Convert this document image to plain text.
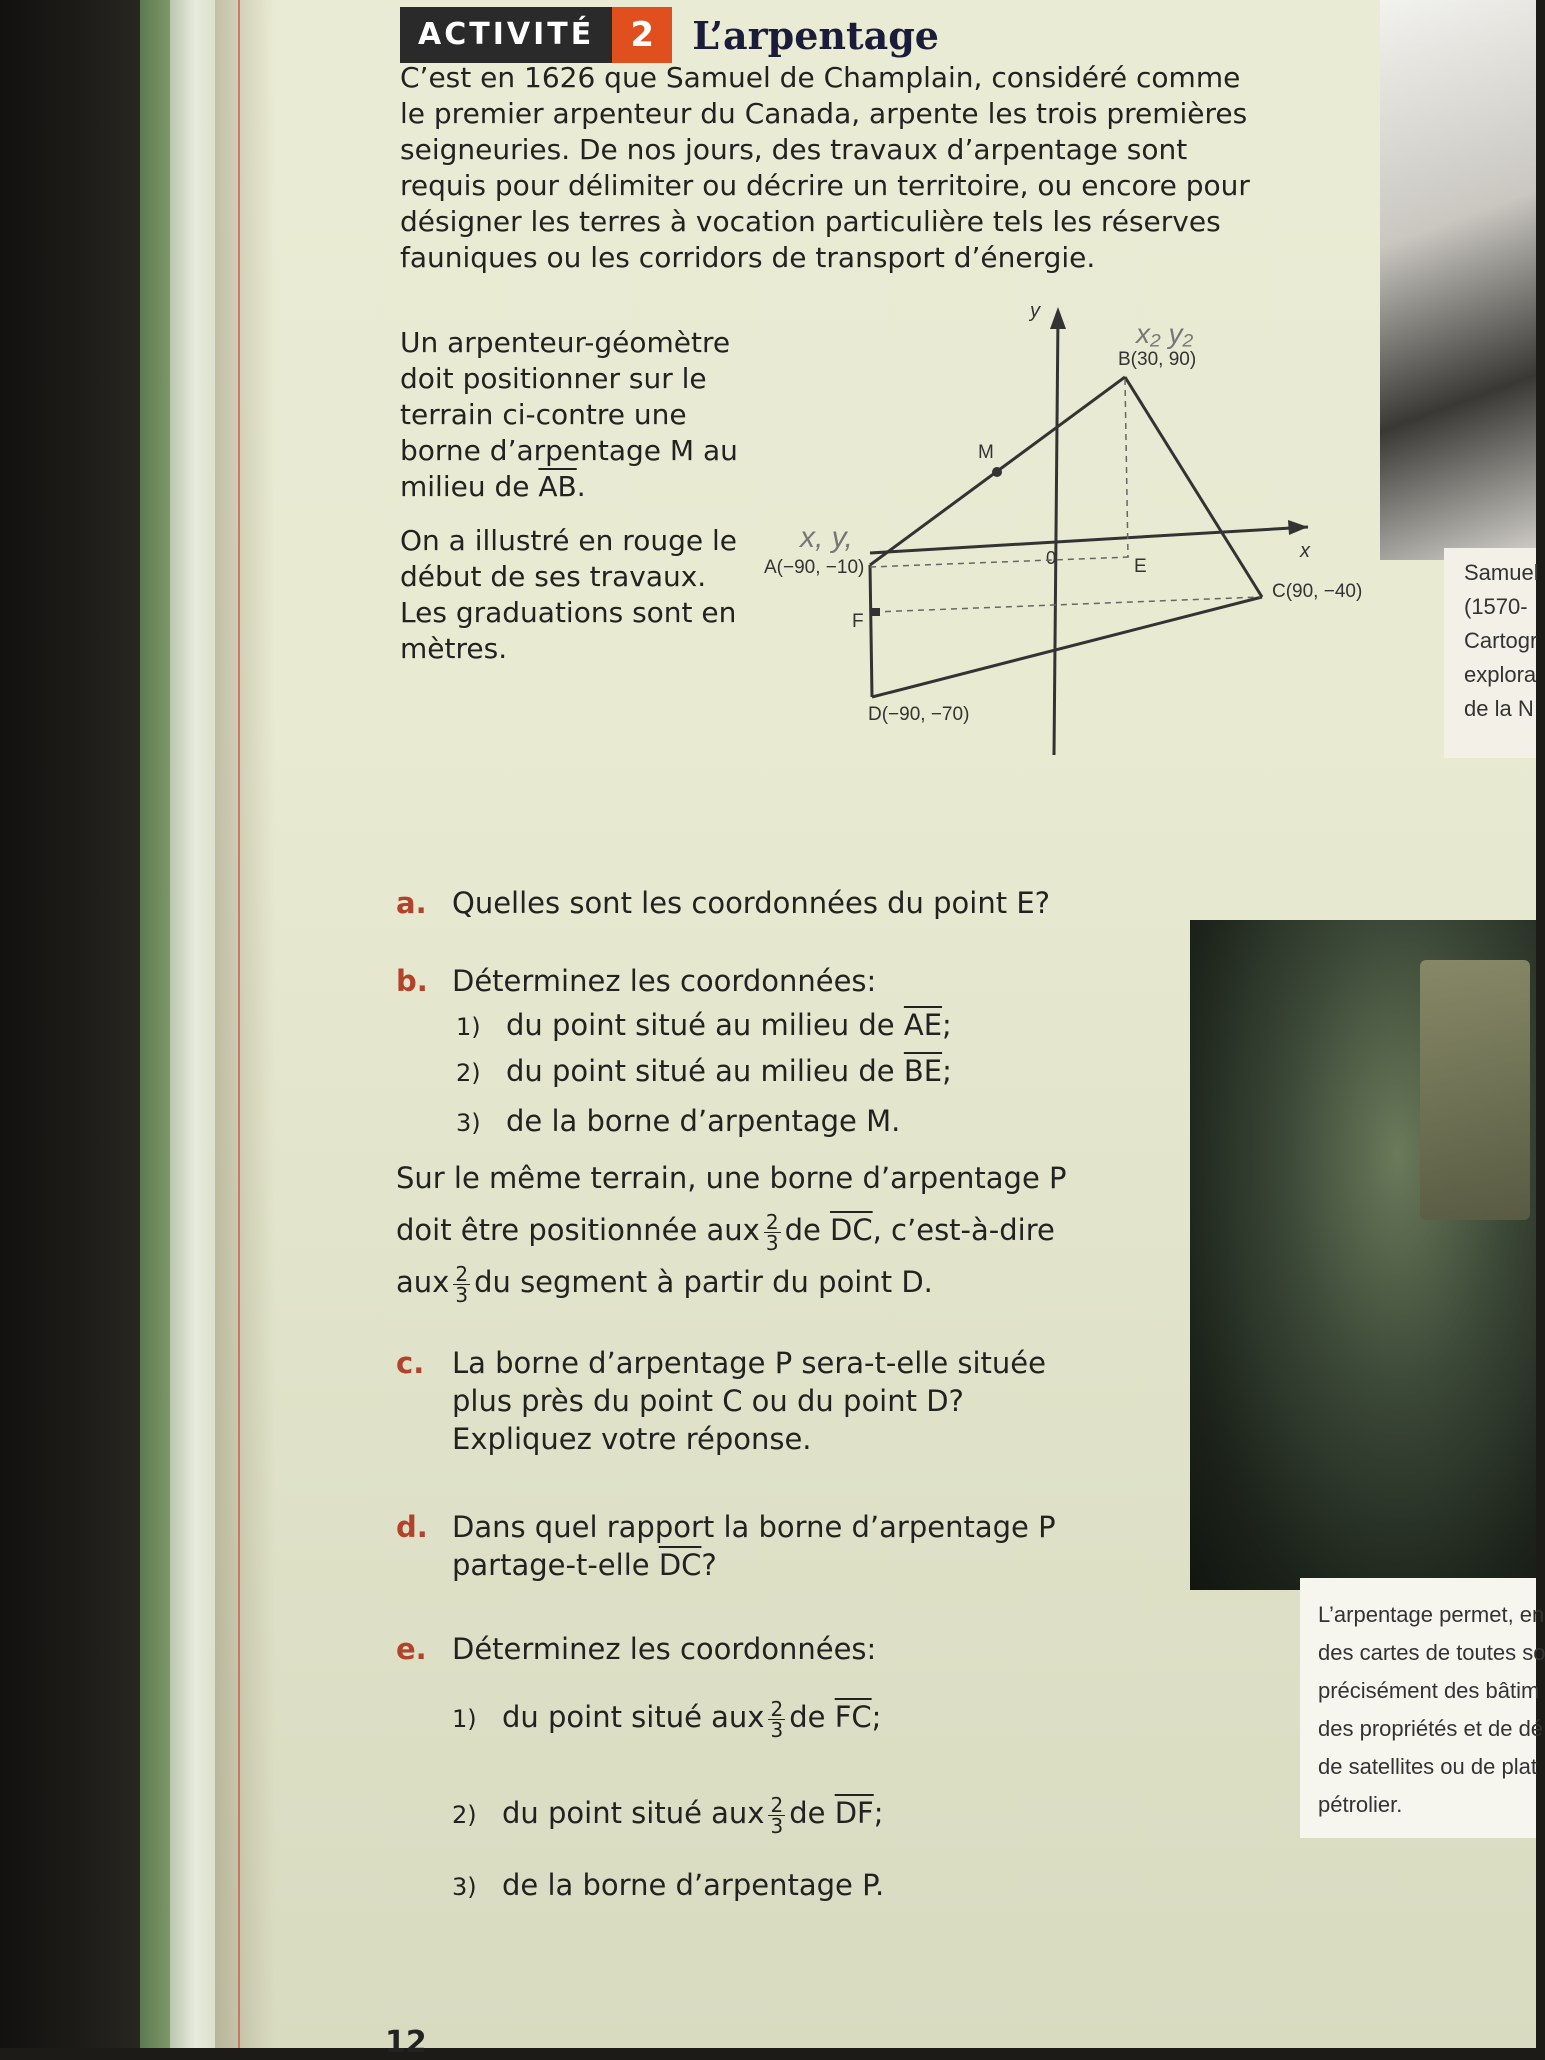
ACTIVITÉ	2	L’arpentage
C’est en 1626 que Samuel de Champlain, considéré comme le premier arpenteur du Canada, arpente les trois premières seigneuries. De nos jours, des travaux d’arpentage sont requis pour délimiter ou décrire un territoire, ou encore pour désigner les terres à vocation particulière tels les réserves fauniques ou les corridors de transport d’énergie.

Un arpenteur-géomètre doit positionner sur le terrain ci-contre une borne d’arpentage M au milieu de $\overline{AB}$.

On a illustré en rouge le début de ses travaux. Les graduations sont en mètres.

x
y
0
A(−90, −10)
B(30, 90)
C(90, −40)
D(−90, −70)
M
E
F
x, y,
x₂ y₂
Samuel
(1570-
Cartogr
explora
de la N
L’arpentage permet, en
des cartes de toutes so
précisément des bâtim
des propriétés et de dé
de satellites ou de plat
pétrolier.
a. Quelles sont les coordonnées du point E?
b. Déterminez les coordonnées:
1) du point situé au milieu de $\overline{AE}$;
2) du point situé au milieu de $\overline{BE}$;
3) de la borne d’arpentage M.
Sur le même terrain, une borne d’arpentage P
doit être positionnée aux $\frac{2}{3}$ de $\overline{DC}$, c’est-à-dire
aux $\frac{2}{3}$ du segment à partir du point D.
c. La borne d’arpentage P sera-t-elle située
plus près du point C ou du point D?
Expliquez votre réponse.
d. Dans quel rapport la borne d’arpentage P
partage-t-elle $\overline{DC}$?
e. Déterminez les coordonnées:
1) du point situé aux $\frac{2}{3}$ de $\overline{FC}$;
2) du point situé aux $\frac{2}{3}$ de $\overline{DF}$;
3) de la borne d’arpentage P.
12
